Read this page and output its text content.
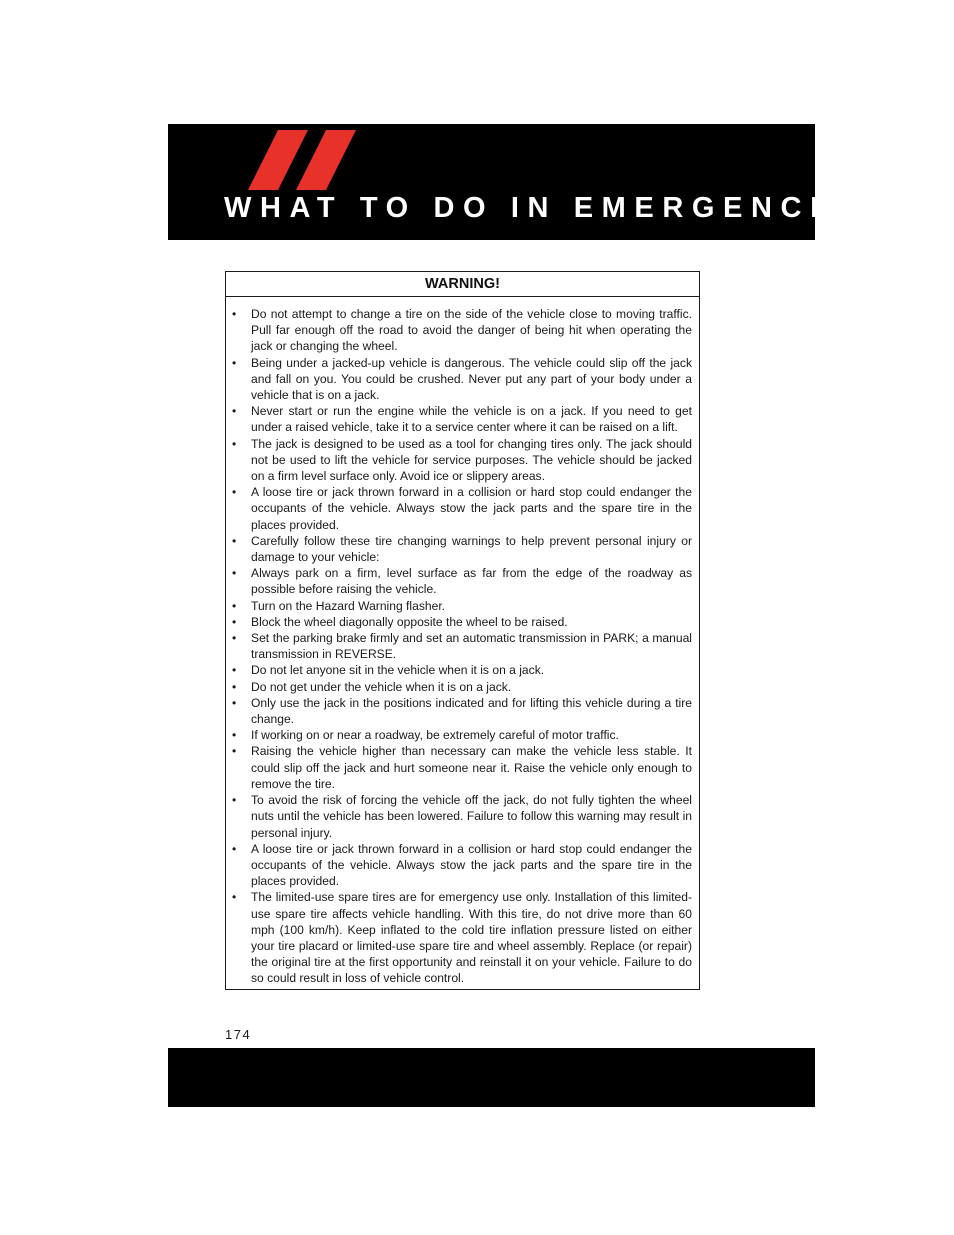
WHAT TO DO IN EMERGENCIES
WARNING!
• Do not attempt to change a tire on the side of the vehicle close to moving traffic. Pull far enough off the road to avoid the danger of being hit when operating the jack or changing the wheel.
• Being under a jacked-up vehicle is dangerous. The vehicle could slip off the jack and fall on you. You could be crushed. Never put any part of your body under a vehicle that is on a jack.
• Never start or run the engine while the vehicle is on a jack. If you need to get under a raised vehicle, take it to a service center where it can be raised on a lift.
• The jack is designed to be used as a tool for changing tires only. The jack should not be used to lift the vehicle for service purposes. The vehicle should be jacked on a firm level surface only. Avoid ice or slippery areas.
• A loose tire or jack thrown forward in a collision or hard stop could endanger the occupants of the vehicle. Always stow the jack parts and the spare tire in the places provided.
• Carefully follow these tire changing warnings to help prevent personal injury or damage to your vehicle:
• Always park on a firm, level surface as far from the edge of the roadway as possible before raising the vehicle.
• Turn on the Hazard Warning flasher.
• Block the wheel diagonally opposite the wheel to be raised.
• Set the parking brake firmly and set an automatic transmission in PARK; a manual transmission in REVERSE.
• Do not let anyone sit in the vehicle when it is on a jack.
• Do not get under the vehicle when it is on a jack.
• Only use the jack in the positions indicated and for lifting this vehicle during a tire change.
• If working on or near a roadway, be extremely careful of motor traffic.
• Raising the vehicle higher than necessary can make the vehicle less stable. It could slip off the jack and hurt someone near it. Raise the vehicle only enough to remove the tire.
• To avoid the risk of forcing the vehicle off the jack, do not fully tighten the wheel nuts until the vehicle has been lowered. Failure to follow this warning may result in personal injury.
• A loose tire or jack thrown forward in a collision or hard stop could endanger the occupants of the vehicle. Always stow the jack parts and the spare tire in the places provided.
• The limited-use spare tires are for emergency use only. Installation of this limited-use spare tire affects vehicle handling. With this tire, do not drive more than 60 mph (100 km/h). Keep inflated to the cold tire inflation pressure listed on either your tire placard or limited-use spare tire and wheel assembly. Replace (or repair) the original tire at the first opportunity and reinstall it on your vehicle. Failure to do so could result in loss of vehicle control.
174
